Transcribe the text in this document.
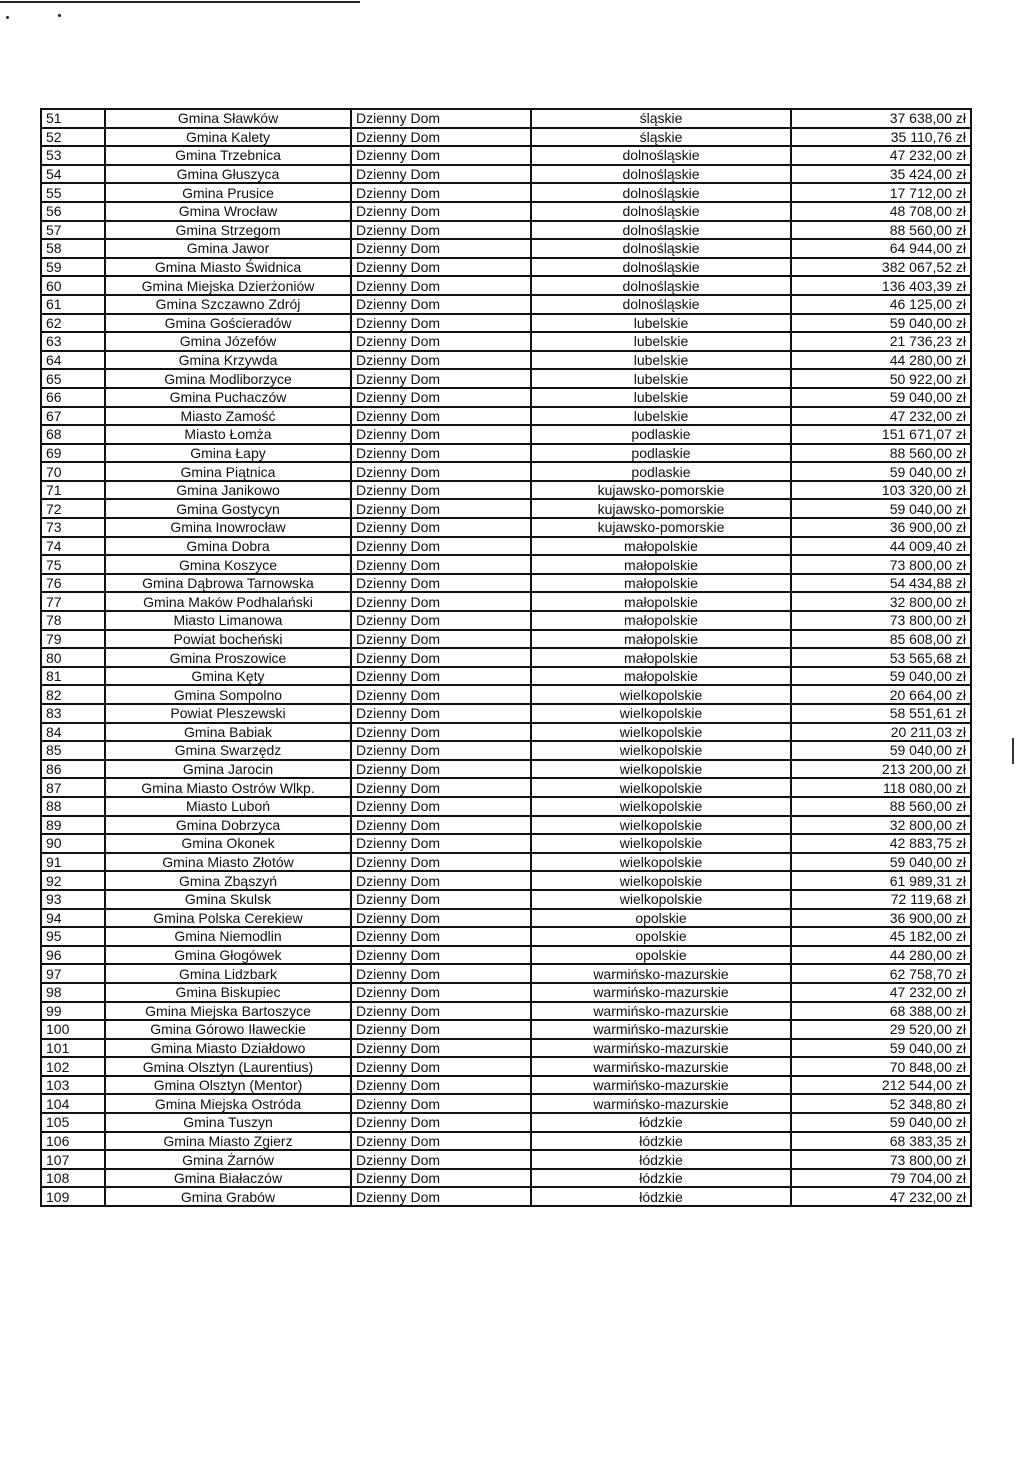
51	Gmina Sławków	Dzienny Dom	śląskie	37 638,00 zł
52	Gmina Kalety	Dzienny Dom	śląskie	35 110,76 zł
53	Gmina Trzebnica	Dzienny Dom	dolnośląskie	47 232,00 zł
54	Gmina Głuszyca	Dzienny Dom	dolnośląskie	35 424,00 zł
55	Gmina Prusice	Dzienny Dom	dolnośląskie	17 712,00 zł
56	Gmina Wrocław	Dzienny Dom	dolnośląskie	48 708,00 zł
57	Gmina Strzegom	Dzienny Dom	dolnośląskie	88 560,00 zł
58	Gmina Jawor	Dzienny Dom	dolnośląskie	64 944,00 zł
59	Gmina Miasto Świdnica	Dzienny Dom	dolnośląskie	382 067,52 zł
60	Gmina Miejska Dzierżoniów	Dzienny Dom	dolnośląskie	136 403,39 zł
61	Gmina Szczawno Zdrój	Dzienny Dom	dolnośląskie	46 125,00 zł
62	Gmina Gościeradów	Dzienny Dom	lubelskie	59 040,00 zł
63	Gmina Józefów	Dzienny Dom	lubelskie	21 736,23 zł
64	Gmina Krzywda	Dzienny Dom	lubelskie	44 280,00 zł
65	Gmina Modliborzyce	Dzienny Dom	lubelskie	50 922,00 zł
66	Gmina Puchaczów	Dzienny Dom	lubelskie	59 040,00 zł
67	Miasto Zamość	Dzienny Dom	lubelskie	47 232,00 zł
68	Miasto Łomża	Dzienny Dom	podlaskie	151 671,07 zł
69	Gmina Łapy	Dzienny Dom	podlaskie	88 560,00 zł
70	Gmina Piątnica	Dzienny Dom	podlaskie	59 040,00 zł
71	Gmina Janikowo	Dzienny Dom	kujawsko-pomorskie	103 320,00 zł
72	Gmina Gostycyn	Dzienny Dom	kujawsko-pomorskie	59 040,00 zł
73	Gmina Inowrocław	Dzienny Dom	kujawsko-pomorskie	36 900,00 zł
74	Gmina Dobra	Dzienny Dom	małopolskie	44 009,40 zł
75	Gmina Koszyce	Dzienny Dom	małopolskie	73 800,00 zł
76	Gmina Dąbrowa Tarnowska	Dzienny Dom	małopolskie	54 434,88 zł
77	Gmina Maków Podhalański	Dzienny Dom	małopolskie	32 800,00 zł
78	Miasto Limanowa	Dzienny Dom	małopolskie	73 800,00 zł
79	Powiat bocheński	Dzienny Dom	małopolskie	85 608,00 zł
80	Gmina Proszowice	Dzienny Dom	małopolskie	53 565,68 zł
81	Gmina Kęty	Dzienny Dom	małopolskie	59 040,00 zł
82	Gmina Sompolno	Dzienny Dom	wielkopolskie	20 664,00 zł
83	Powiat Pleszewski	Dzienny Dom	wielkopolskie	58 551,61 zł
84	Gmina Babiak	Dzienny Dom	wielkopolskie	20 211,03 zł
85	Gmina Swarzędz	Dzienny Dom	wielkopolskie	59 040,00 zł
86	Gmina Jarocin	Dzienny Dom	wielkopolskie	213 200,00 zł
87	Gmina Miasto Ostrów Wlkp.	Dzienny Dom	wielkopolskie	118 080,00 zł
88	Miasto Luboń	Dzienny Dom	wielkopolskie	88 560,00 zł
89	Gmina Dobrzyca	Dzienny Dom	wielkopolskie	32 800,00 zł
90	Gmina Okonek	Dzienny Dom	wielkopolskie	42 883,75 zł
91	Gmina Miasto Złotów	Dzienny Dom	wielkopolskie	59 040,00 zł
92	Gmina Zbąszyń	Dzienny Dom	wielkopolskie	61 989,31 zł
93	Gmina Skulsk	Dzienny Dom	wielkopolskie	72 119,68 zł
94	Gmina Polska Cerekiew	Dzienny Dom	opolskie	36 900,00 zł
95	Gmina Niemodlin	Dzienny Dom	opolskie	45 182,00 zł
96	Gmina Głogówek	Dzienny Dom	opolskie	44 280,00 zł
97	Gmina Lidzbark	Dzienny Dom	warmińsko-mazurskie	62 758,70 zł
98	Gmina Biskupiec	Dzienny Dom	warmińsko-mazurskie	47 232,00 zł
99	Gmina Miejska Bartoszyce	Dzienny Dom	warmińsko-mazurskie	68 388,00 zł
100	Gmina Górowo Iławeckie	Dzienny Dom	warmińsko-mazurskie	29 520,00 zł
101	Gmina Miasto Działdowo	Dzienny Dom	warmińsko-mazurskie	59 040,00 zł
102	Gmina Olsztyn (Laurentius)	Dzienny Dom	warmińsko-mazurskie	70 848,00 zł
103	Gmina Olsztyn (Mentor)	Dzienny Dom	warmińsko-mazurskie	212 544,00 zł
104	Gmina Miejska Ostróda	Dzienny Dom	warmińsko-mazurskie	52 348,80 zł
105	Gmina Tuszyn	Dzienny Dom	łódzkie	59 040,00 zł
106	Gmina Miasto Zgierz	Dzienny Dom	łódzkie	68 383,35 zł
107	Gmina Żarnów	Dzienny Dom	łódzkie	73 800,00 zł
108	Gmina Białaczów	Dzienny Dom	łódzkie	79 704,00 zł
109	Gmina Grabów	Dzienny Dom	łódzkie	47 232,00 zł
